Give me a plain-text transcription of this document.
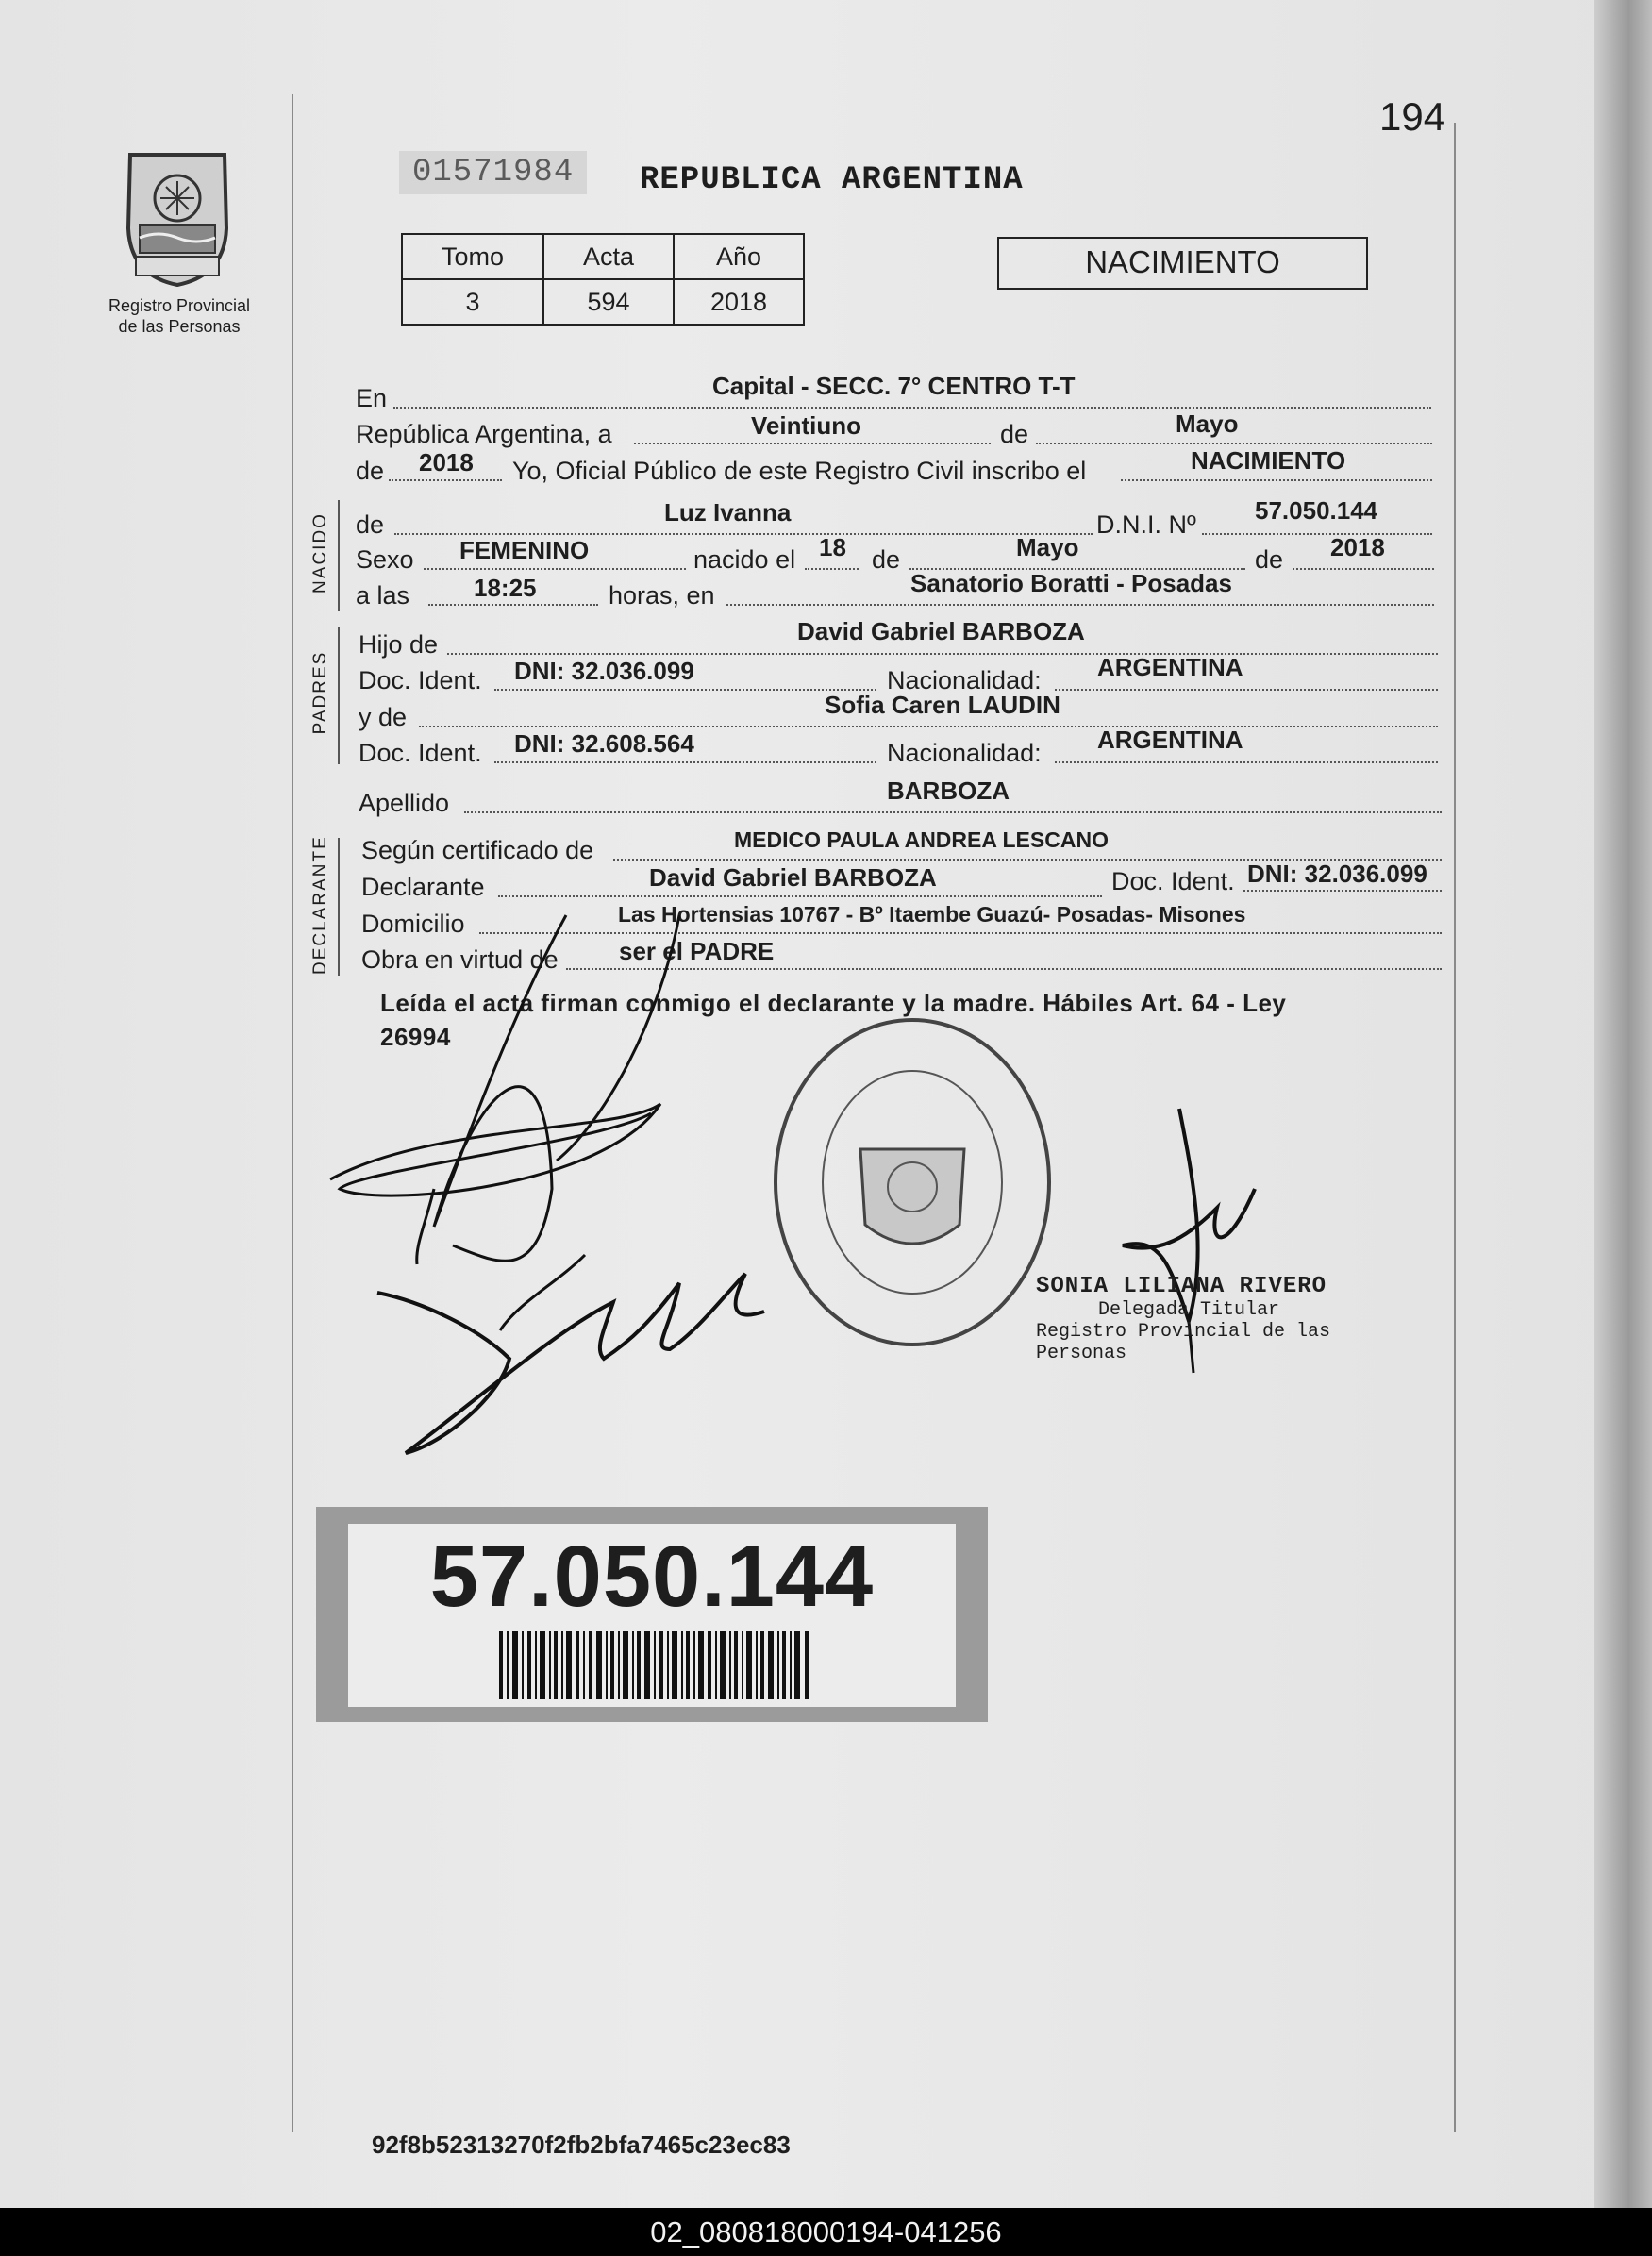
194
Registro Provincial
de las Personas
01571984	REPUBLICA ARGENTINA
Tomo	Acta	Año
3	594	2018
NACIMIENTO
En	Capital - SECC. 7° CENTRO T-T
República Argentina, a	Veintiuno	de	Mayo
de 2018 Yo, Oficial Público de este Registro Civil inscribo el	NACIMIENTO
NACIDO de	Luz Ivanna	D.N.I. Nº 57.050.144
Sexo FEMENINO	nacido el 18 de	Mayo	de 2018
a las	18:25	horas, en	Sanatorio Boratti - Posadas
PADRES
Hijo de	David Gabriel BARBOZA
Doc. Ident. DNI: 32.036.099	Nacionalidad: ARGENTINA
y de	Sofia Caren LAUDIN
Doc. Ident. DNI: 32.608.564	Nacionalidad: ARGENTINA
Apellido	BARBOZA
DECLARANTE Según certificado de	MEDICO PAULA ANDREA LESCANO
Declarante	David Gabriel BARBOZA	Doc. Ident. DNI: 32.036.099
Domicilio	Las Hortensias 10767 - Bº Itaembe Guazú- Posadas- Misones
Obra en virtud de ser el PADRE
Leída el acta firman conmigo el declarante y la madre. Hábiles Art. 64 - Ley
26994
SONIA LILIANA RIVERO
Delegada Titular
Registro Provincial de las Personas
57.050.144
92f8b52313270f2fb2bfa7465c23ec83
02_080818000194-041256
